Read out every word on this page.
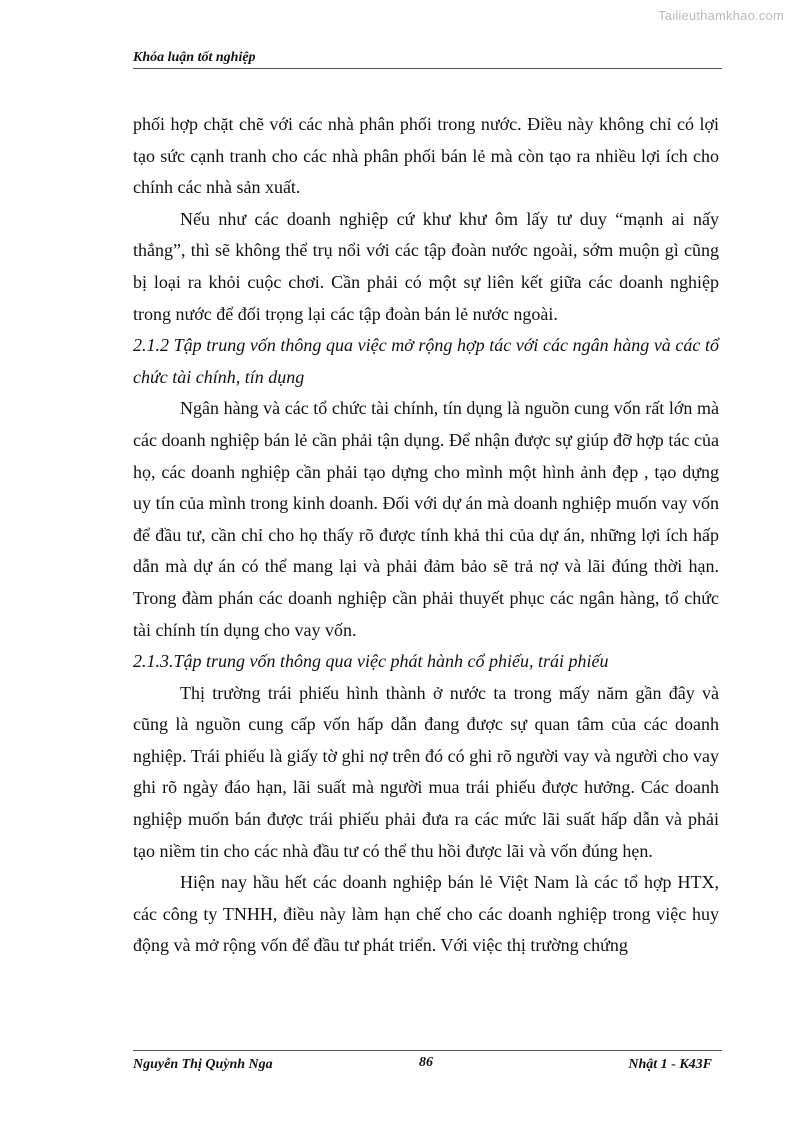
Tailieuthamkhao.com
Khóa luận tốt nghiệp

phối hợp chặt chẽ với các nhà phân phối trong nước. Điều này không chỉ có lợi tạo sức cạnh tranh cho các nhà phân phối bán lẻ mà còn tạo ra nhiều lợi ích cho chính các nhà sản xuất.

Nếu như các doanh nghiệp cứ khư khư ôm lấy tư duy “mạnh ai nấy thắng”, thì sẽ không thể trụ nổi với các tập đoàn nước ngoài, sớm muộn gì cũng bị loại ra khỏi cuộc chơi. Cần phải có một sự liên kết giữa các doanh nghiệp trong nước để đối trọng lại các tập đoàn bán lẻ nước ngoài.

2.1.2 Tập trung vốn thông qua việc mở rộng hợp tác với các ngân hàng và các tổ chức tài chính, tín dụng

Ngân hàng và các tổ chức tài chính, tín dụng là nguồn cung vốn rất lớn mà các doanh nghiệp bán lẻ cần phải tận dụng. Để nhận được sự giúp đỡ hợp tác của họ, các doanh nghiệp cần phải tạo dựng cho mình một hình ảnh đẹp , tạo dựng uy tín của mình trong kinh doanh. Đối với dự án mà doanh nghiệp muốn vay vốn để đầu tư, cần chỉ cho họ thấy rõ được tính khả thi của dự án, những lợi ích hấp dẫn mà dự án có thể mang lại và phải đảm bảo sẽ trả nợ và lãi đúng thời hạn. Trong đàm phán các doanh nghiệp cần phải thuyết phục các ngân hàng, tổ chức tài chính tín dụng cho vay vốn.

2.1.3.Tập trung vốn thông qua việc phát hành cổ phiếu, trái phiếu

Thị trường trái phiếu hình thành ở nước ta trong mấy năm gần đây và cũng là nguồn cung cấp vốn hấp dẫn đang được sự quan tâm của các doanh nghiệp. Trái phiếu là giấy tờ ghi nợ trên đó có ghi rõ người vay và người cho vay ghi rõ ngày đáo hạn, lãi suất mà người mua trái phiếu được hưởng. Các doanh nghiệp muốn bán được trái phiếu phải đưa ra các mức lãi suất hấp dẫn và phải tạo niềm tin cho các nhà đầu tư có thể thu hồi được lãi và vốn đúng hẹn.

Hiện nay hầu hết các doanh nghiệp bán lẻ Việt Nam là các tổ hợp HTX, các công ty TNHH, điều này làm hạn chế cho các doanh nghiệp trong việc huy động và mở rộng vốn để đầu tư phát triển. Với việc thị trường chứng

Nguyễn Thị Quỳnh Nga	86	Nhật 1 - K43F
